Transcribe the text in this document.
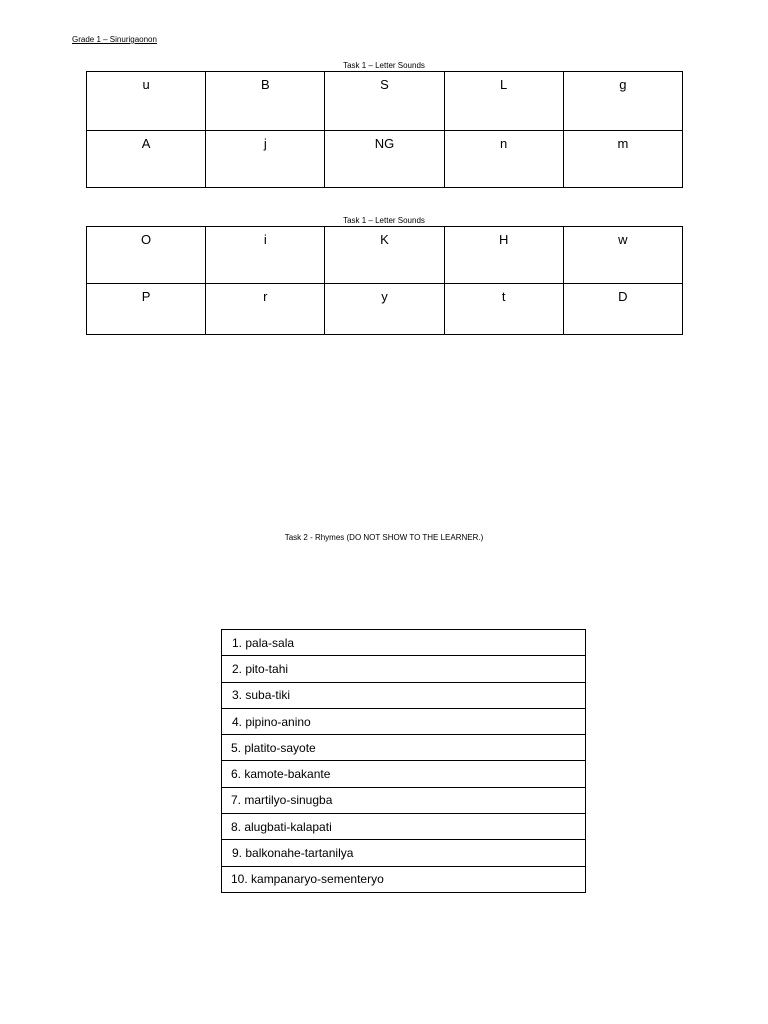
Grade 1 – Sinurigaonon
Task 1 – Letter Sounds
u	B	S	L	g
A	j	NG	n	m
Task 1 – Letter Sounds
O	i	K	H	w
P	r	y	t	D
Task 2 - Rhymes (DO NOT SHOW TO THE LEARNER.)
1. pala-sala
2. pito-tahi
3. suba-tiki
4. pipino-anino
5. platito-sayote
6. kamote-bakante
7. martilyo-sinugba
8. alugbati-kalapati
9. balkonahe-tartanilya
10. kampanaryo-sementeryo
